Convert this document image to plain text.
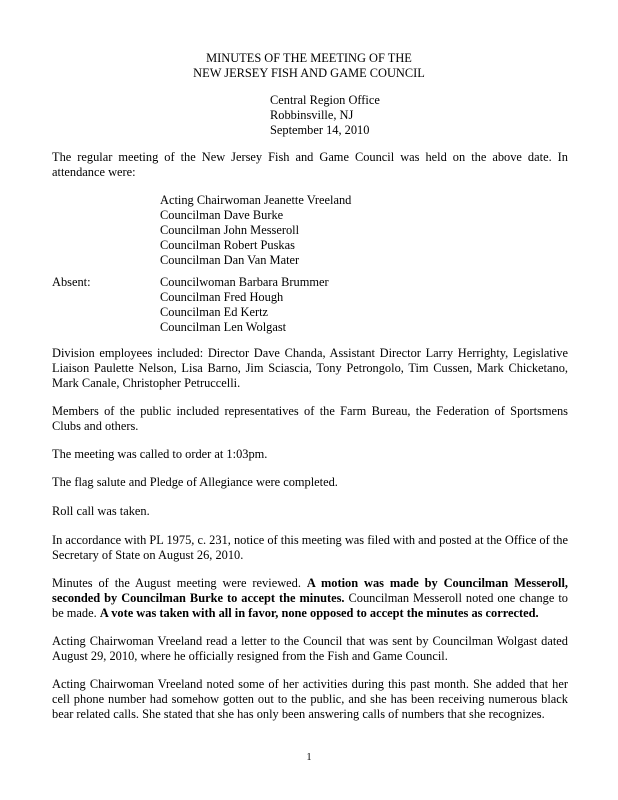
MINUTES OF THE MEETING OF THE
NEW JERSEY FISH AND GAME COUNCIL
Central Region Office
Robbinsville, NJ
September 14, 2010
The regular meeting of the New Jersey Fish and Game Council was held on the above date. In attendance were:
Acting Chairwoman Jeanette Vreeland
Councilman Dave Burke
Councilman John Messeroll
Councilman Robert Puskas
Councilman Dan Van Mater
Absent:	Councilwoman Barbara Brummer
Councilman Fred Hough
Councilman Ed Kertz
Councilman Len Wolgast
Division employees included: Director Dave Chanda, Assistant Director Larry Herrighty, Legislative Liaison Paulette Nelson, Lisa Barno, Jim Sciascia, Tony Petrongolo, Tim Cussen, Mark Chicketano, Mark Canale, Christopher Petruccelli.
Members of the public included representatives of the Farm Bureau, the Federation of Sportsmens Clubs and others.
The meeting was called to order at 1:03pm.
The flag salute and Pledge of Allegiance were completed.
Roll call was taken.
In accordance with PL 1975, c. 231, notice of this meeting was filed with and posted at the Office of the Secretary of State on August 26, 2010.
Minutes of the August meeting were reviewed. A motion was made by Councilman Messeroll, seconded by Councilman Burke to accept the minutes. Councilman Messeroll noted one change to be made. A vote was taken with all in favor, none opposed to accept the minutes as corrected.
Acting Chairwoman Vreeland read a letter to the Council that was sent by Councilman Wolgast dated August 29, 2010, where he officially resigned from the Fish and Game Council.
Acting Chairwoman Vreeland noted some of her activities during this past month. She added that her cell phone number had somehow gotten out to the public, and she has been receiving numerous black bear related calls. She stated that she has only been answering calls of numbers that she recognizes.
1
